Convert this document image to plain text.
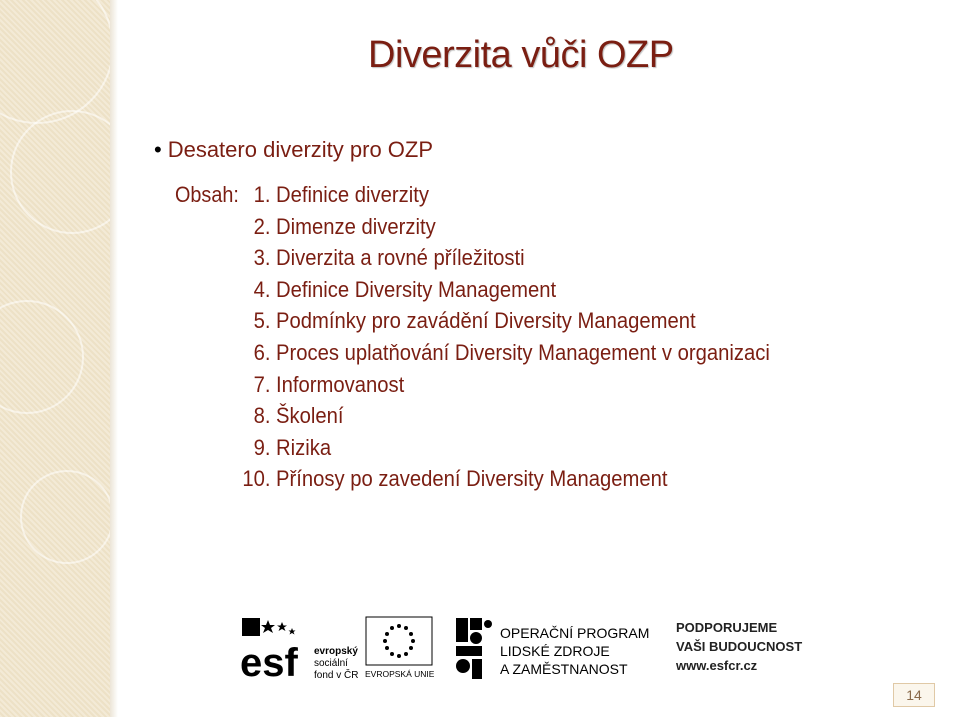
Diverzita vůči OZP
• Desatero diverzity pro OZP
Obsah: 1. Definice diverzity
2. Dimenze diverzity
3. Diverzita a rovné příležitosti
4. Definice Diversity Management
5. Podmínky pro zavádění Diversity Management
6. Proces uplatňování Diversity Management v organizaci
7. Informovanost
8. Školení
9. Rizika
10. Přínosy po zavedení Diversity Management
esf evropský
sociální
fond v ČR EVROPSKÁ UNIE
OPERAČNÍ PROGRAM
LIDSKÉ ZDROJE
A ZAMĚSTNANOST
PODPORUJEME
VAŠI BUDOUCNOST
www.esfcr.cz
14
